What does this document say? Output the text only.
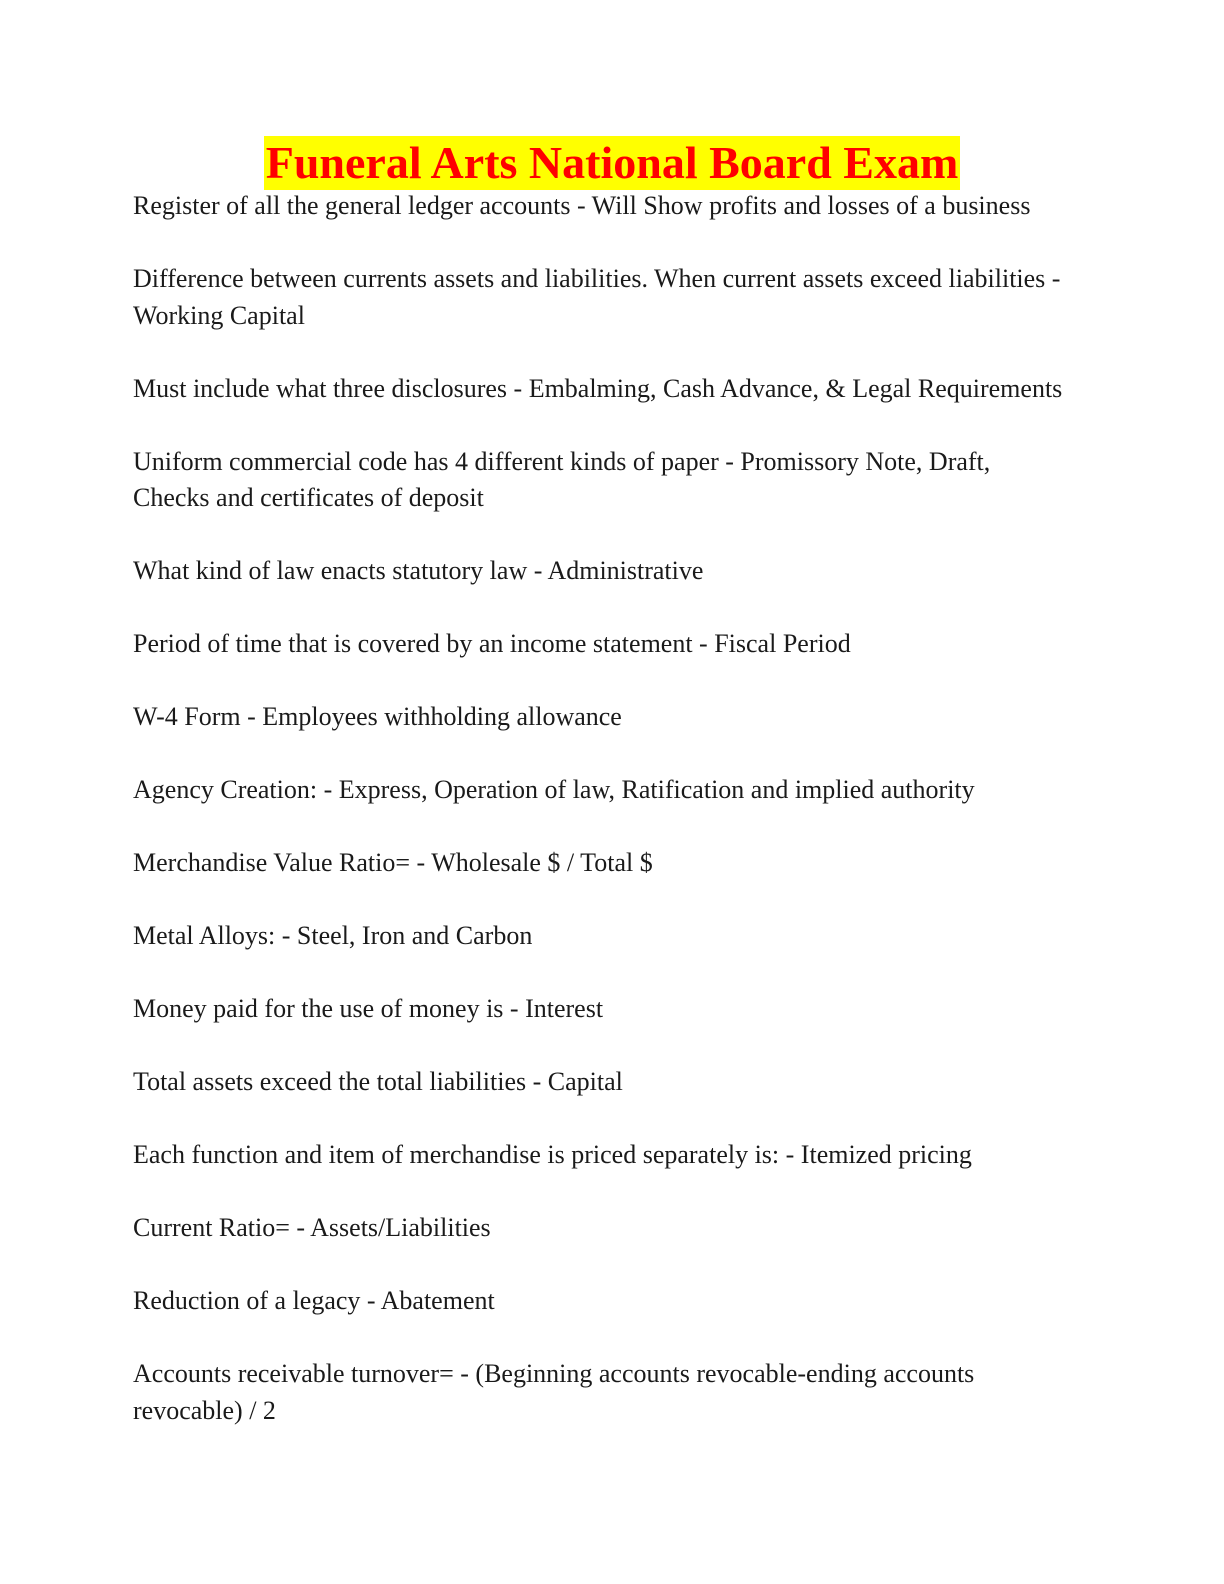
Funeral Arts National Board Exam
Register of all the general ledger accounts - Will Show profits and losses of a business
Difference between currents assets and liabilities. When current assets exceed liabilities - Working Capital
Must include what three disclosures - Embalming, Cash Advance, & Legal Requirements
Uniform commercial code has 4 different kinds of paper - Promissory Note, Draft, Checks and certificates of deposit
What kind of law enacts statutory law - Administrative
Period of time that is covered by an income statement - Fiscal Period
W-4 Form - Employees withholding allowance
Agency Creation: - Express, Operation of law, Ratification and implied authority
Merchandise Value Ratio= - Wholesale $ / Total $
Metal Alloys: - Steel, Iron and Carbon
Money paid for the use of money is - Interest
Total assets exceed the total liabilities - Capital
Each function and item of merchandise is priced separately is: - Itemized pricing
Current Ratio= - Assets/Liabilities
Reduction of a legacy - Abatement
Accounts receivable turnover= - (Beginning accounts revocable-ending accounts revocable) / 2
